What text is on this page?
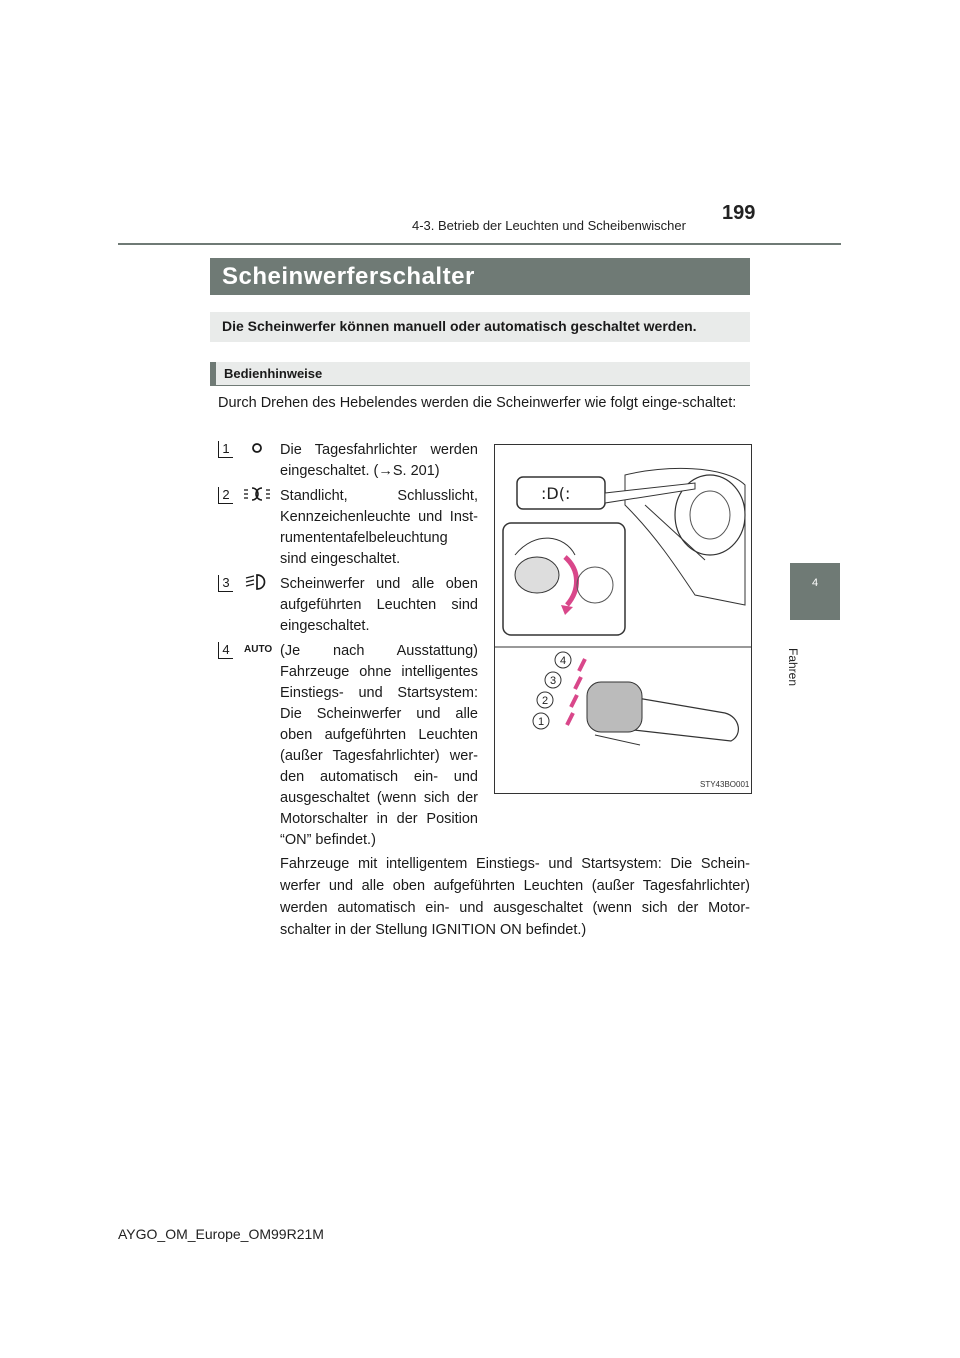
4-3. Betrieb der Leuchten und Scheibenwischer
199
4
Fahren
Scheinwerferschalter
Die Scheinwerfer können manuell oder automatisch geschaltet werden.
Bedienhinweise
Durch Drehen des Hebelendes werden die Scheinwerfer wie folgt einge-schaltet:
1	Die Tagesfahrlichter werden eingeschaltet. (→S. 201)
2	Standlicht, Schlusslicht, Kennzeichenleuchte und Inst-rumententafelbeleuchtung sind eingeschaltet.
3	Scheinwerfer und alle oben aufgeführten Leuchten sind eingeschaltet.
4	AUTO (Je nach Ausstattung) Fahrzeuge ohne intelligentes Einstiegs- und Startsystem: Die Scheinwerfer und alle oben aufgeführten Leuchten (außer Tagesfahrlichter) wer-den automatisch ein- und ausgeschaltet (wenn sich der Motorschalter in der Position “ON” befindet.)
Fahrzeuge mit intelligentem Einstiegs- und Startsystem: Die Schein-werfer und alle oben aufgeführten Leuchten (außer Tagesfahrlichter) werden automatisch ein- und ausgeschaltet (wenn sich der Motor-schalter in der Stellung IGNITION ON befindet.)
:D(:
1
2
3
4
STY43BO001
AYGO_OM_Europe_OM99R21M
